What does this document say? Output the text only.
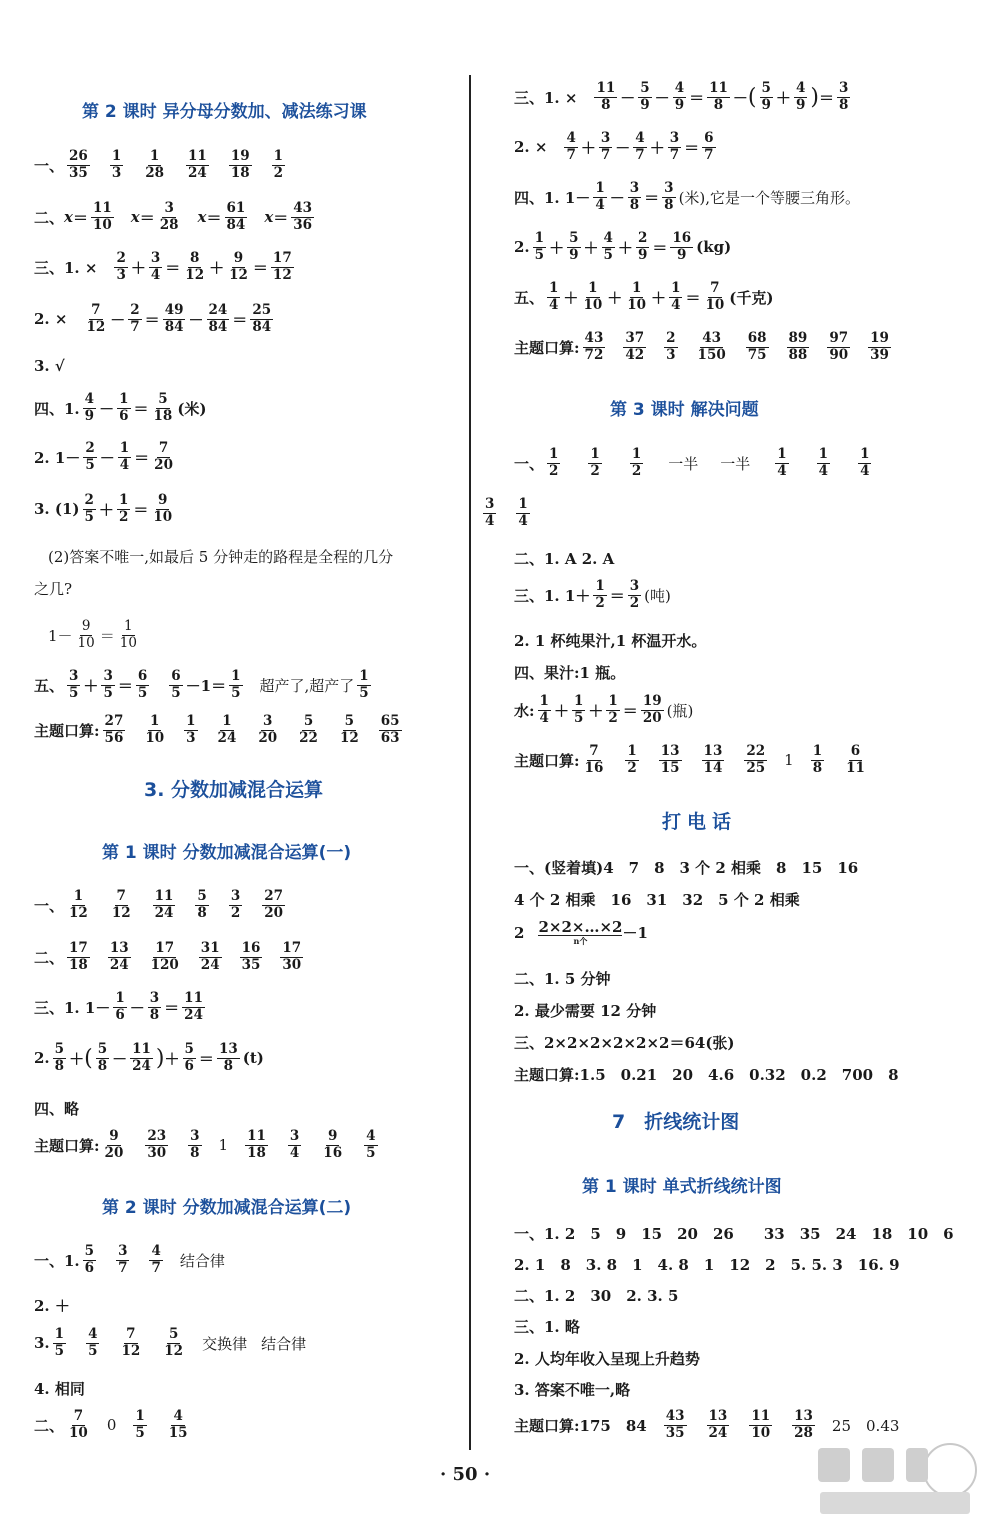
第 2 课时 异分母分数加、减法练习课
一、 $\frac{26}{35} \frac{1}{3} \frac{1}{28} \frac{11}{24} \frac{19}{18} \frac{1}{2}$
二、 $x = \frac{11}{10}$ $x = \frac{3}{28}$ $x = \frac{61}{84}$ $x = \frac{43}{36}$
三、1. × $\frac{2}{3} + \frac{3}{4} = \frac{8}{12} + \frac{9}{12} = \frac{17}{12}$
2. × $\frac{7}{12} - \frac{2}{7} = \frac{49}{84} - \frac{24}{84} = \frac{25}{84}$
3. √
四、1. $\frac{4}{9} - \frac{1}{6} = \frac{5}{18}$ (米)
2. $1- \frac{2}{5} - \frac{1}{4} = \frac{7}{20}$
3. $(1) \frac{2}{5} + \frac{1}{2} = \frac{9}{10}$
(2)答案不唯一,如最后 5 分钟走的路程是全程的几分
之几?
$1- \frac{9}{10} = \frac{1}{10}$
五、 $\frac{3}{5} + \frac{3}{5} = \frac{6}{5} \frac{6}{5} -1= \frac{1}{5}$ 超产了,超产了 $\frac{1}{5}$
主题口算: $\frac{27}{56} \frac{1}{10} \frac{1}{3} \frac{1}{24} \frac{3}{20} \frac{5}{22} \frac{5}{12} \frac{65}{63}$
3. 分数加减混合运算
第 1 课时 分数加减混合运算(一)
一、 $\frac{1}{12} \frac{7}{12} \frac{11}{24} \frac{5}{8} \frac{3}{2} \frac{27}{20}$
二、 $\frac{17}{18} \frac{13}{24} \frac{17}{120} \frac{31}{24} \frac{16}{35} \frac{17}{30}$
三、1. $1- \frac{1}{6} - \frac{3}{8} = \frac{11}{24}$
2. $\frac{5}{8}$ ＋ ( $\frac{5}{8} - \frac{11}{24}$ ) ＋ $\frac{5}{6} = \frac{13}{8} (t)$
四、略
主题口算: $\frac{9}{20} \frac{23}{30} \frac{3}{8} 1 \frac{11}{18} \frac{3}{4} \frac{9}{16} \frac{4}{5}$
第 2 课时 分数加减混合运算(二)
一、1. $\frac{5}{6} \frac{3}{7} \frac{4}{7}$ 结合律
2. ＋
3. $\frac{1}{5} \frac{4}{5} \frac{7}{12} \frac{5}{12}$ 交换律 结合律
4. 相同
二、 $\frac{7}{10} 0 \frac{1}{5} \frac{4}{15}$
三、1. × $\frac{11}{8} - \frac{5}{9} - \frac{4}{9} = \frac{11}{8}$ － ( $\frac{5}{9} + \frac{4}{9}$ ) ＝ $\frac{3}{8}$
2. × $\frac{4}{7} + \frac{3}{7} - \frac{4}{7} + \frac{3}{7} = \frac{6}{7}$
四、1. $1- \frac{1}{4} - \frac{3}{8} = \frac{3}{8}$ (米),它是一个等腰三角形。
2. $\frac{1}{5} + \frac{5}{9} + \frac{4}{5} + \frac{2}{9} = \frac{16}{9} (kg)$
五、 $\frac{1}{4} + \frac{1}{10} + \frac{1}{10} + \frac{1}{4} = \frac{7}{10}$ (千克)
主题口算: $\frac{43}{72} \frac{37}{42} \frac{2}{3} \frac{43}{150} \frac{68}{75} \frac{89}{88} \frac{97}{90} \frac{19}{39}$
第 3 课时 解决问题
一、 $\frac{1}{2} \frac{1}{2} \frac{1}{2}$ 一半 一半 $\frac{1}{4} \frac{1}{4} \frac{1}{4}$
$\frac{3}{4} \frac{1}{4}$
二、1. A 2. A
三、1. $1+ \frac{1}{2} = \frac{3}{2}$ (吨)
2. 1 杯纯果汁,1 杯温开水。
四、果汁:1 瓶。
水: $\frac{1}{4} + \frac{1}{5} + \frac{1}{2} = \frac{19}{20}$ (瓶)
主题口算: $\frac{7}{16} \frac{1}{2} \frac{13}{15} \frac{13}{14} \frac{22}{25} 1 \frac{1}{8} \frac{6}{11}$
打电话
一、(竖着填)4　7　8　3 个 2 相乘　8　15　16
4 个 2 相乘　16　31　32　5 个 2 相乘
2 2×2×…×2
n个	－1
二、1. 5 分钟
2. 最少需要 12 分钟
三、2×2×2×2×2×2＝64(张)
主题口算:1.5　0.21　20　4.6　0.32　0.2　700　8
7　折线统计图
第 1 课时 单式折线统计图
一、1. 2　5　9　15　20　26　　33　35　24　18　10　6
2. 1　8　3. 8　1　4. 8　1　12　2　5. 5. 3　16. 9
二、1. 2　30　2. 3. 5
三、1. 略
2. 人均年收入呈现上升趋势
3. 答案不唯一,略
主题口算:175　$84 \frac{43}{35} \frac{13}{24} \frac{11}{10} \frac{13}{28} 25$　0.43
· 50 ·
